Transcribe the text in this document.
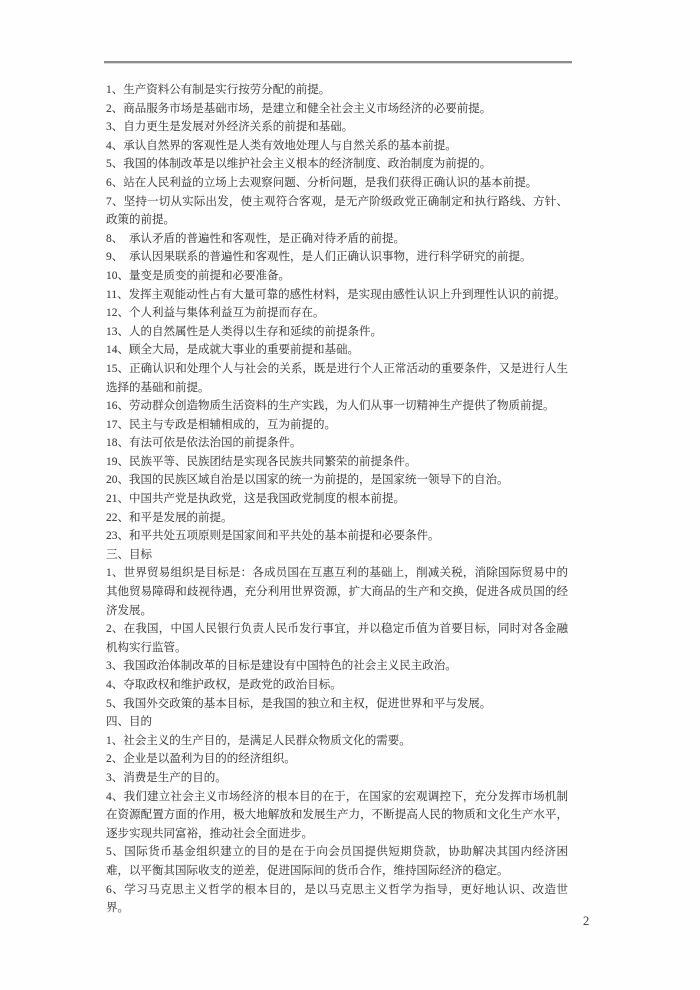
1、生产资料公有制是实行按劳分配的前提。

2、商品服务市场是基础市场，是建立和健全社会主义市场经济的必要前提。

3、自力更生是发展对外经济关系的前提和基础。

4、承认自然界的客观性是人类有效地处理人与自然关系的基本前提。

5、我国的体制改革是以维护社会主义根本的经济制度、政治制度为前提的。

6、站在人民利益的立场上去观察问题、分析问题，是我们获得正确认识的基本前提。

7、坚持一切从实际出发，使主观符合客观，是无产阶级政党正确制定和执行路线、方针、政策的前提。

8、　承认矛盾的普遍性和客观性，是正确对待矛盾的前提。

9、　承认因果联系的普遍性和客观性，是人们正确认识事物，进行科学研究的前提。

10、量变是质变的前提和必要准备。

11、发挥主观能动性占有大量可靠的感性材料，是实现由感性认识上升到理性认识的前提。

12、个人利益与集体利益互为前提而存在。

13、人的自然属性是人类得以生存和延续的前提条件。

14、顾全大局，是成就大事业的重要前提和基础。

15、正确认识和处理个人与社会的关系，既是进行个人正常活动的重要条件，又是进行人生选择的基础和前提。

16、劳动群众创造物质生活资料的生产实践，为人们从事一切精神生产提供了物质前提。

17、民主与专政是相辅相成的，互为前提的。

18、有法可依是依法治国的前提条件。

19、民族平等、民族团结是实现各民族共同繁荣的前提条件。

20、我国的民族区域自治是以国家的统一为前提的，是国家统一领导下的自治。

21、中国共产党是执政党，这是我国政党制度的根本前提。

22、和平是发展的前提。

23、和平共处五项原则是国家间和平共处的基本前提和必要条件。

三、目标

1、世界贸易组织是目标是：各成员国在互惠互利的基础上，削减关税，消除国际贸易中的其他贸易障碍和歧视待遇，充分利用世界资源，扩大商品的生产和交换，促进各成员国的经济发展。

2、在我国，中国人民银行负责人民币发行事宜，并以稳定币值为首要目标，同时对各金融机构实行监管。

3、我国政治体制改革的目标是建设有中国特色的社会主义民主政治。

4、夺取政权和维护政权，是政党的政治目标。

5、我国外交政策的基本目标，是我国的独立和主权，促进世界和平与发展。

四、目的

1、社会主义的生产目的，是满足人民群众物质文化的需要。

2、企业是以盈利为目的的经济组织。

3、消费是生产的目的。

4、我们建立社会主义市场经济的根本目的在于，在国家的宏观调控下，充分发挥市场机制在资源配置方面的作用，极大地解放和发展生产力，不断提高人民的物质和文化生产水平，逐步实现共同富裕，推动社会全面进步。

5、国际货币基金组织建立的目的是在于向会员国提供短期贷款，协助解决其国内经济困难，以平衡其国际收支的逆差，促进国际间的货币合作，维持国际经济的稳定。

6、学习马克思主义哲学的根本目的，是以马克思主义哲学为指导，更好地认识、改造世界。

2
